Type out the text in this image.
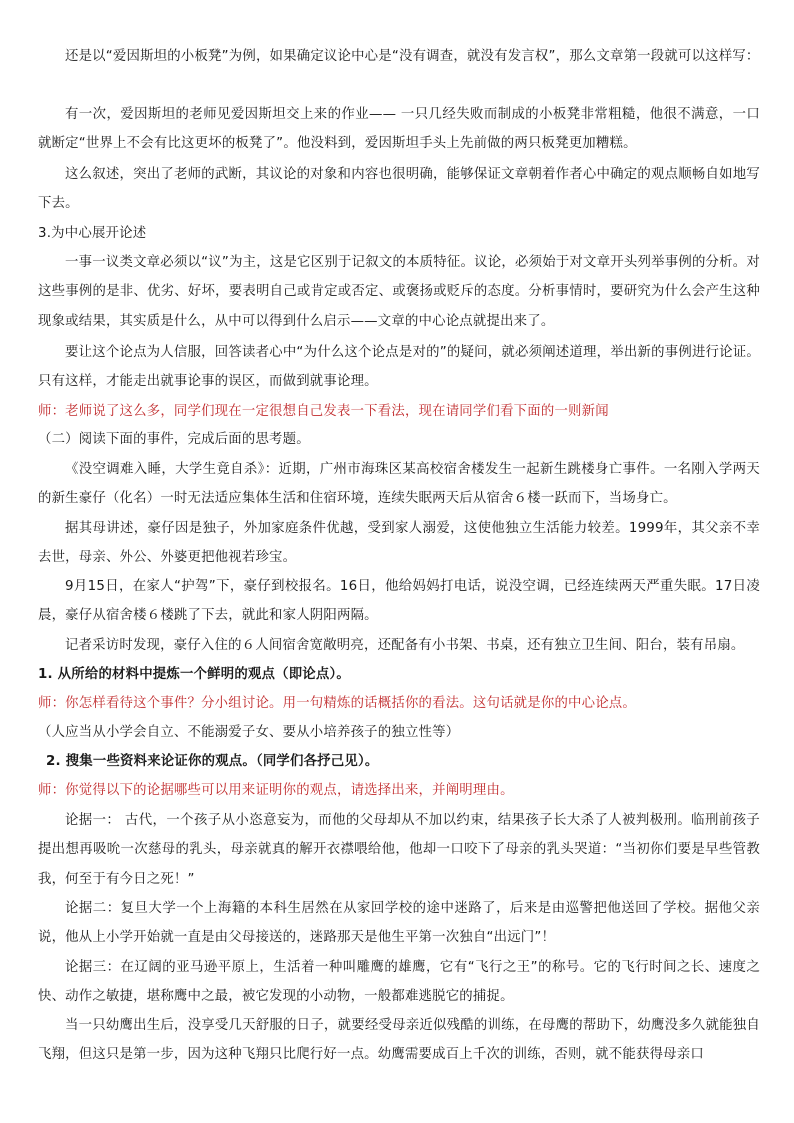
还是以“爱因斯坦的小板凳”为例，如果确定议论中心是“没有调查，就没有发言权”，那么文章第一段就可以这样写：
有一次，爱因斯坦的老师见爱因斯坦交上来的作业—— 一只几经失败而制成的小板凳非常粗糙，他很不满意，一口就断定“世界上不会有比这更坏的板凳了”。他没料到，爱因斯坦手头上先前做的两只板凳更加糟糕。
这么叙述，突出了老师的武断，其议论的对象和内容也很明确，能够保证文章朝着作者心中确定的观点顺畅自如地写下去。
3.为中心展开论述
一事一议类文章必须以“议”为主，这是它区别于记叙文的本质特征。议论，必须始于对文章开头列举事例的分析。对这些事例的是非、优劣、好坏，要表明自己或肯定或否定、或褒扬或贬斥的态度。分析事情时，要研究为什么会产生这种现象或结果，其实质是什么，从中可以得到什么启示——文章的中心论点就提出来了。
要让这个论点为人信服，回答读者心中“为什么这个论点是对的”的疑问，就必须阐述道理，举出新的事例进行论证。只有这样，才能走出就事论事的误区，而做到就事论理。
师：老师说了这么多，同学们现在一定很想自己发表一下看法，现在请同学们看下面的一则新闻
（二）阅读下面的事件，完成后面的思考题。
《没空调难入睡，大学生竟自杀》：近期，广州市海珠区某高校宿舍楼发生一起新生跳楼身亡事件。一名刚入学两天的新生豪仔（化名）一时无法适应集体生活和住宿环境，连续失眠两天后从宿舍６楼一跃而下，当场身亡。
据其母讲述，豪仔因是独子，外加家庭条件优越，受到家人溺爱，这使他独立生活能力较差。1999年，其父亲不幸去世，母亲、外公、外婆更把他视若珍宝。
9月15日，在家人“护驾”下，豪仔到校报名。16日，他给妈妈打电话，说没空调，已经连续两天严重失眠。17日凌晨，豪仔从宿舍楼６楼跳了下去，就此和家人阴阳两隔。
记者采访时发现，豪仔入住的６人间宿舍宽敞明亮，还配备有小书架、书桌，还有独立卫生间、阳台，装有吊扇。
1. 从所给的材料中提炼一个鲜明的观点（即论点）。
师：你怎样看待这个事件？分小组讨论。用一句精炼的话概括你的看法。这句话就是你的中心论点。
（人应当从小学会自立、不能溺爱子女、要从小培养孩子的独立性等）
2. 搜集一些资料来论证你的观点。（同学们各抒己见）。
师：你觉得以下的论据哪些可以用来证明你的观点，请选择出来，并阐明理由。
论据一： 古代，一个孩子从小恣意妄为，而他的父母却从不加以约束，结果孩子长大杀了人被判极刑。临刑前孩子提出想再吸吮一次慈母的乳头，母亲就真的解开衣襟喂给他，他却一口咬下了母亲的乳头哭道：“当初你们要是早些管教我，何至于有今日之死！”
论据二：复旦大学一个上海籍的本科生居然在从家回学校的途中迷路了，后来是由巡警把他送回了学校。据他父亲说，他从上小学开始就一直是由父母接送的，迷路那天是他生平第一次独自“出远门”！
论据三：在辽阔的亚马逊平原上，生活着一种叫雕鹰的雄鹰，它有“飞行之王”的称号。它的飞行时间之长、速度之快、动作之敏捷，堪称鹰中之最，被它发现的小动物，一般都难逃脱它的捕捉。
当一只幼鹰出生后，没享受几天舒服的日子，就要经受母亲近似残酷的训练，在母鹰的帮助下，幼鹰没多久就能独自飞翔，但这只是第一步，因为这种飞翔只比爬行好一点。幼鹰需要成百上千次的训练，否则，就不能获得母亲口
